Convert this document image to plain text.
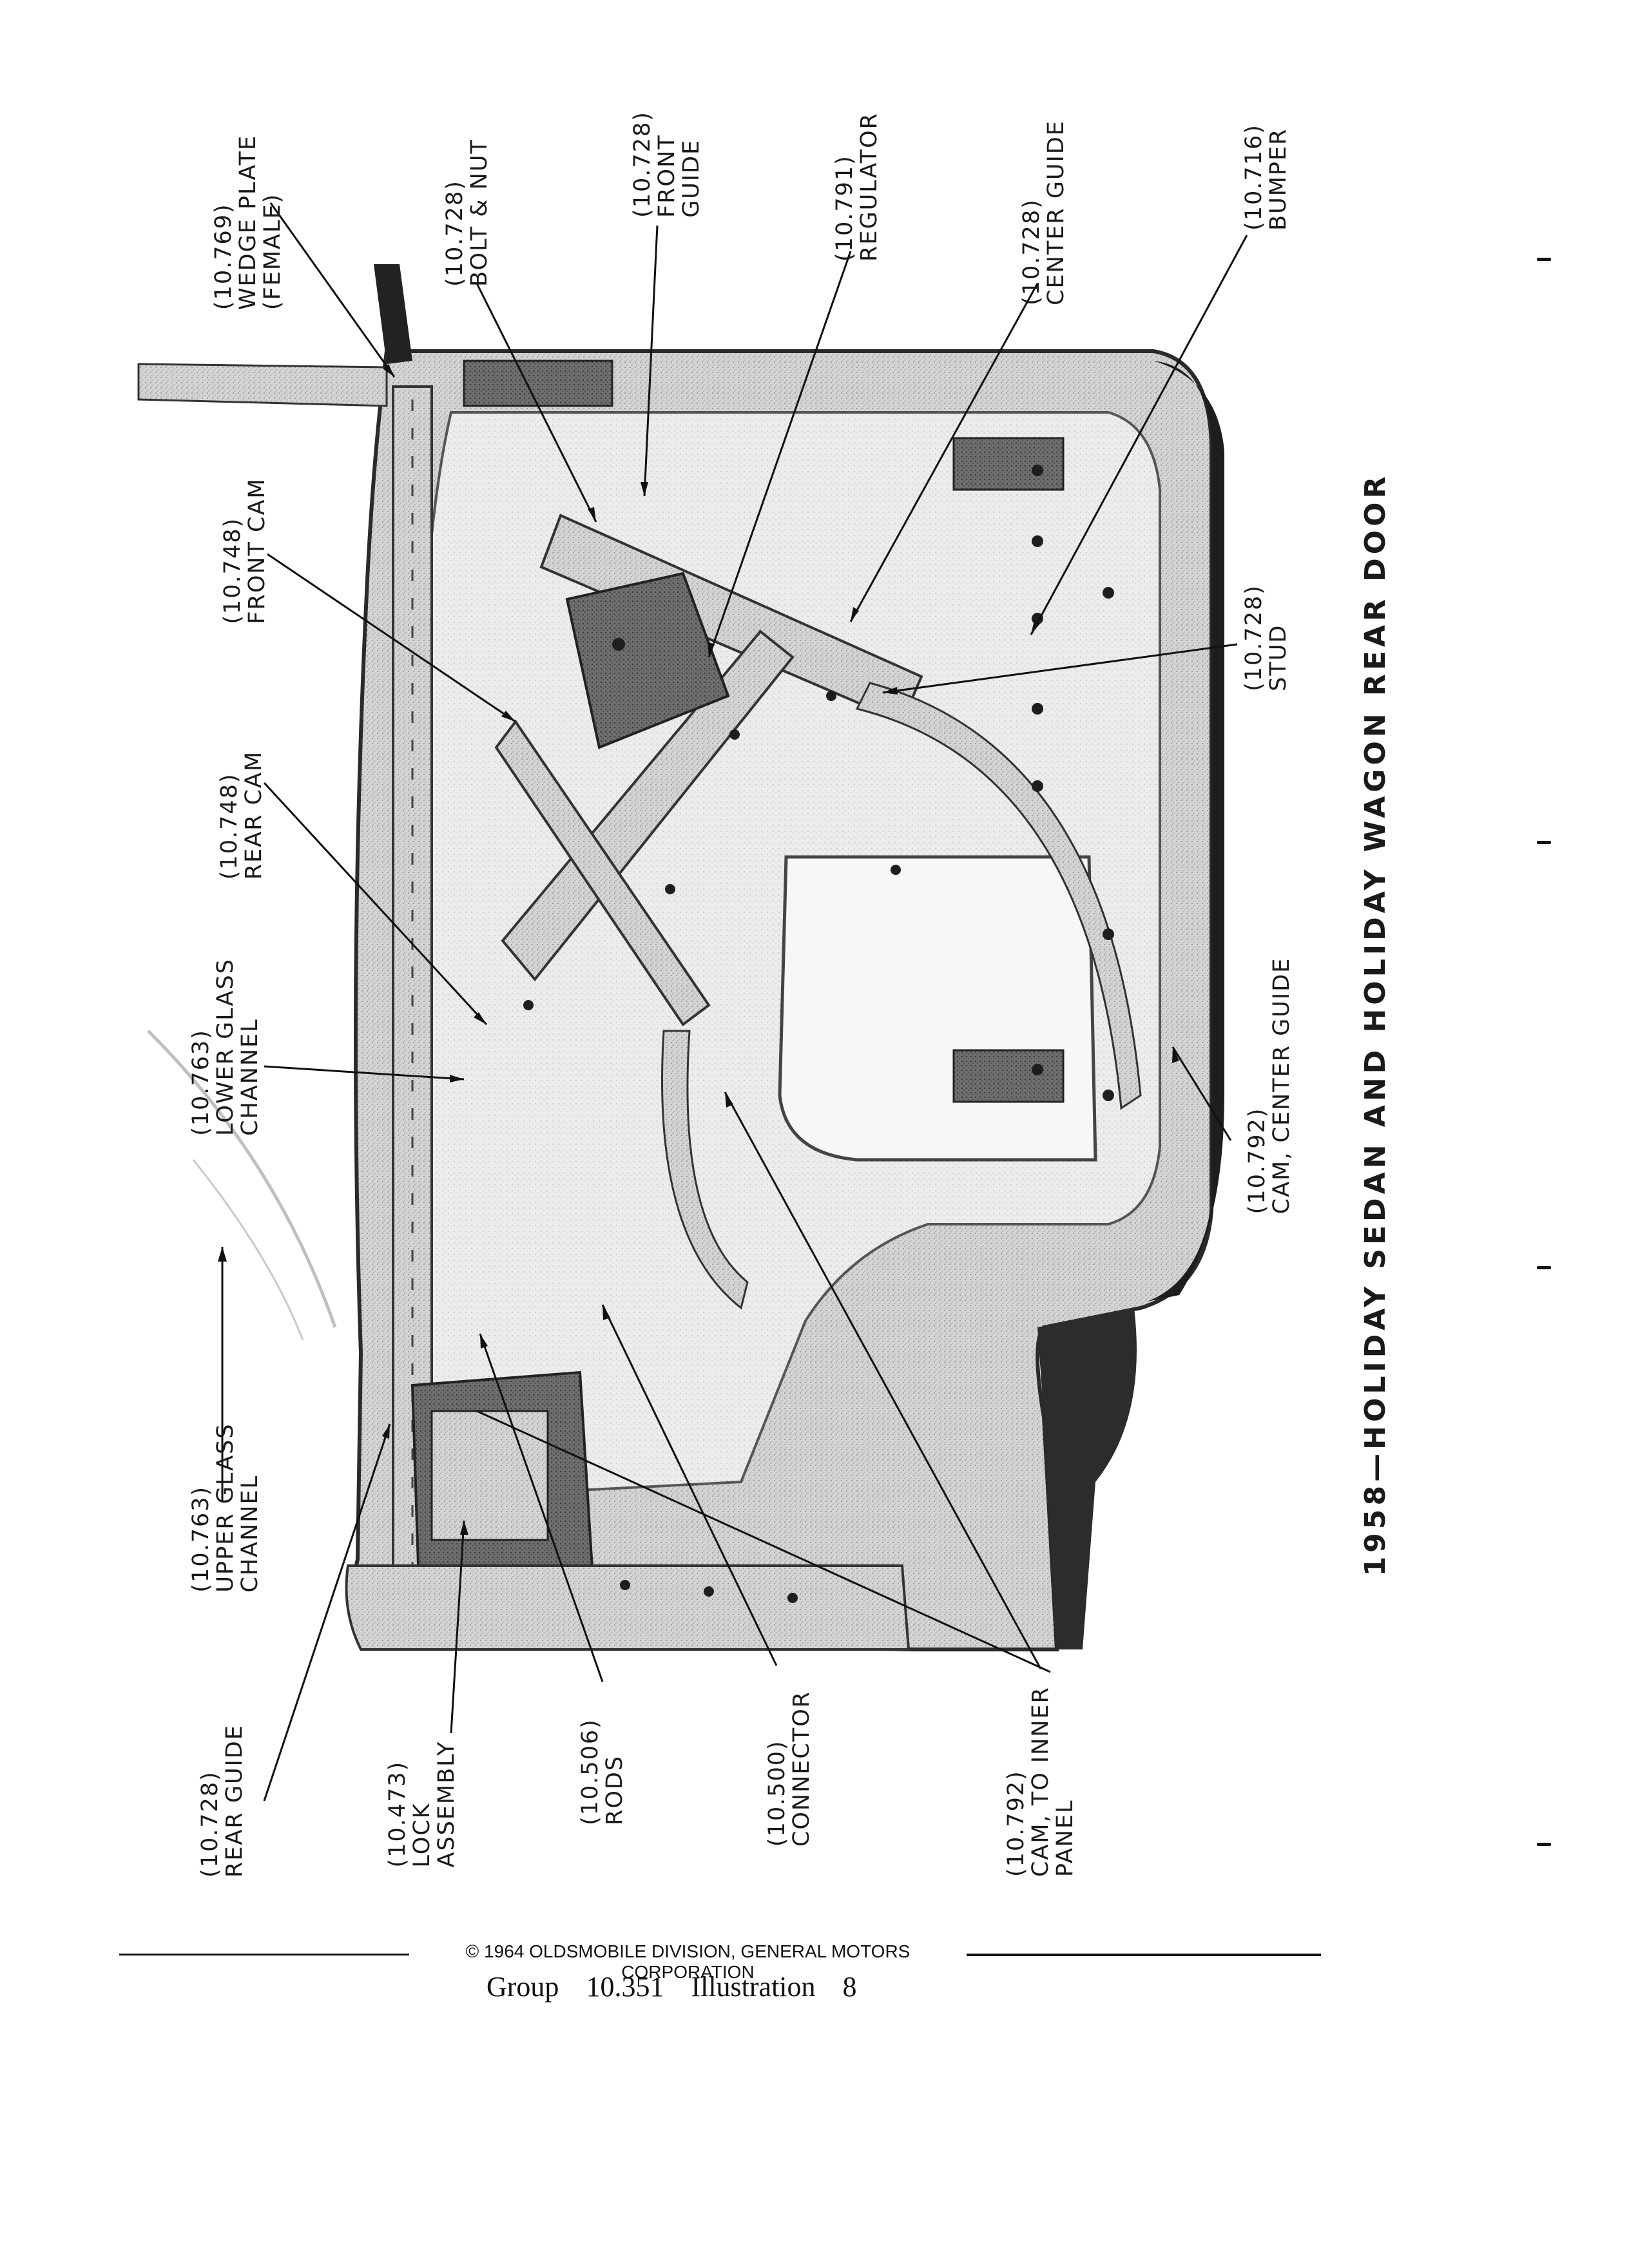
(10.769)
WEDGE PLATE
(FEMALE)	(10.728)
BOLT & NUT	(10.728)
FRONT
GUIDE	(10.791)
REGULATOR	(10.728)
CENTER GUIDE	(10.716)
BUMPER
(10.748)
FRONT CAM
(10.748)
REAR CAM
(10.763)
LOWER GLASS
CHANNEL
(10.763)
UPPER GLASS
CHANNEL
(10.728)
STUD
(10.792)
CAM, CENTER GUIDE
(10.728)
REAR GUIDE	(10.473)
LOCK
ASSEMBLY	(10.506)
RODS	(10.500)
CONNECTOR	(10.792)
CAM, TO INNER
PANEL
1958—HOLIDAY SEDAN AND HOLIDAY WAGON REAR DOOR
© 1964 OLDSMOBILE DIVISION, GENERAL MOTORS CORPORATION
Group 10.351 Illustration 8
